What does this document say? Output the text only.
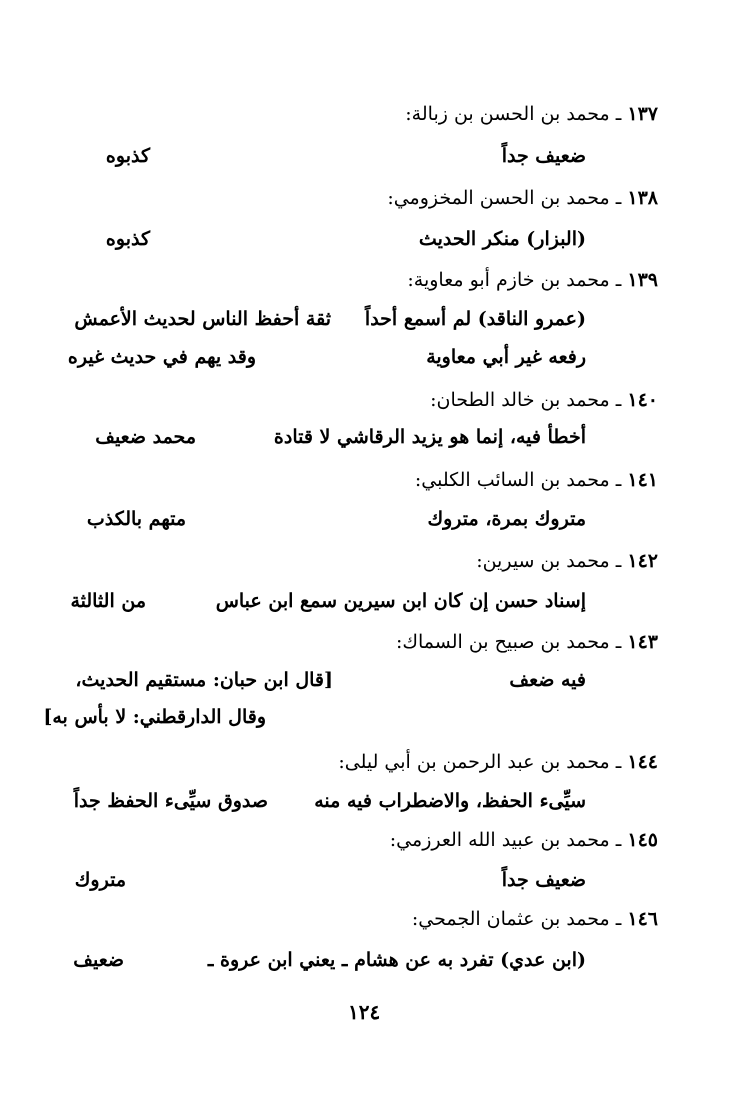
١٣٧ ـ محمد بن الحسن بن زبالة:
ضعيف جداً
كذبوه
١٣٨ ـ محمد بن الحسن المخزومي:
(البزار) منكر الحديث
كذبوه
١٣٩ ـ محمد بن خازم أبو معاوية:
(عمرو الناقد) لم أسمع أحداً
ثقة أحفظ الناس لحديث الأعمش
رفعه غير أبي معاوية
وقد يهم في حديث غيره
١٤٠ ـ محمد بن خالد الطحان:
أخطأ فيه، إنما هو يزيد الرقاشي لا قتادة
محمد ضعيف
١٤١ ـ محمد بن السائب الكلبي:
متروك بمرة، متروك
متهم بالكذب
١٤٢ ـ محمد بن سيرين:
إسناد حسن إن كان ابن سيرين سمع ابن عباس
من الثالثة
١٤٣ ـ محمد بن صبيح بن السماك:
فيه ضعف
[قال ابن حبان: مستقيم الحديث،
وقال الدارقطني: لا بأس به]
١٤٤ ـ محمد بن عبد الرحمن بن أبي ليلى:
سيِّىء الحفظ، والاضطراب فيه منه
صدوق سيِّىء الحفظ جداً
١٤٥ ـ محمد بن عبيد الله العرزمي:
ضعيف جداً
متروك
١٤٦ ـ محمد بن عثمان الجمحي:
(ابن عدي) تفرد به عن هشام ـ يعني ابن عروة ـ
ضعيف
١٢٤
